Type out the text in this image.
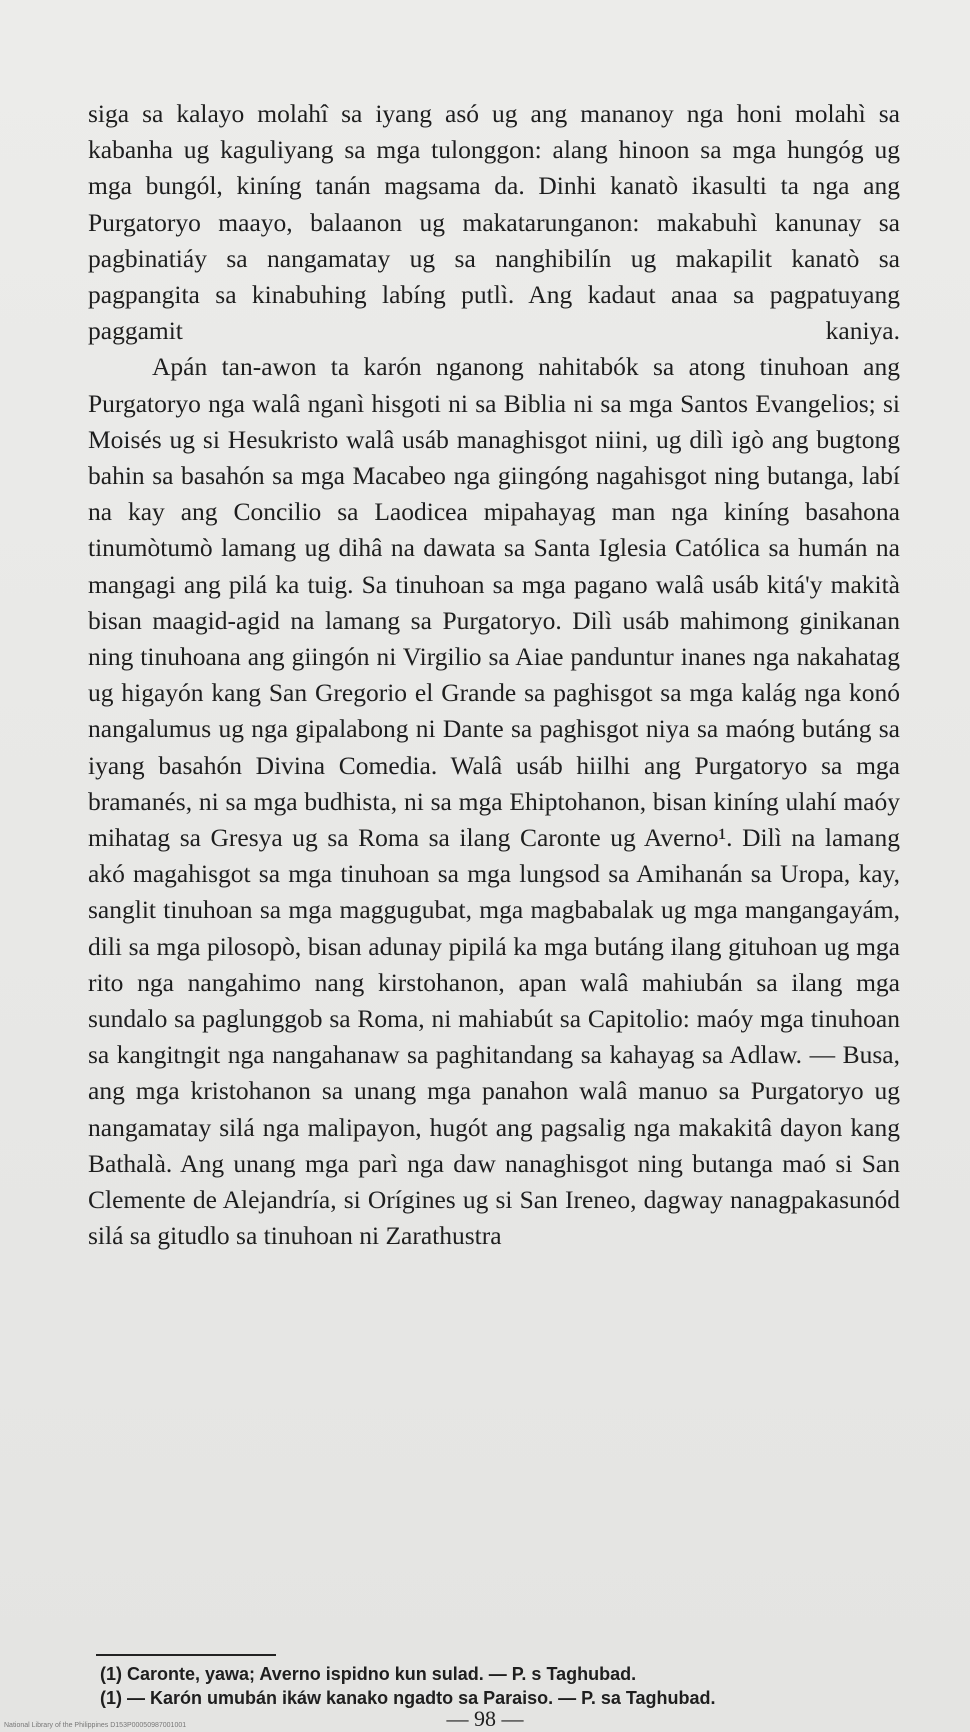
siga sa kalayo molahî sa iyang asó ug ang mananoy nga honi molahì sa kabanha ug kaguliyang sa mga tulonggon: alang hinoon sa mga hungóg ug mga bungól, kiníng tanán magsama da. Dinhi kanatò ikasulti ta nga ang Purgatoryo maayo, balaanon ug makatarunganon: makabuhì kanunay sa pagbinatiáy sa nangamatay ug sa nanghibilín ug makapilit kanatò sa pagpangita sa kinabuhing labíng putlì. Ang kadaut anaa sa pagpatuyang paggamit kaniya.

Apán tan-awon ta karón nganong nahitabók sa atong tinuhoan ang Purgatoryo nga walâ nganì hisgoti ni sa Biblia ni sa mga Santos Evangelios; si Moisés ug si Hesukristo walâ usáb managhisgot niini, ug dilì igò ang bugtong bahin sa basahón sa mga Macabeo nga giingóng nagahisgot ning butanga, labí na kay ang Concilio sa Laodicea mipahayag man nga kiníng basahona tinumòtumò lamang ug dihâ na dawata sa Santa Iglesia Católica sa humán na mangagi ang pilá ka tuig. Sa tinuhoan sa mga pagano walâ usáb kitá'y makità bisan maagid-agid na lamang sa Purgatoryo. Dilì usáb mahimong ginikanan ning tinuhoana ang giingón ni Virgilio sa Aiae panduntur inanes nga nakahatag ug higayón kang San Gregorio el Grande sa paghisgot sa mga kalág nga konó nangalumus ug nga gipalabong ni Dante sa paghisgot niya sa maóng butáng sa iyang basahón Divina Comedia. Walâ usáb hiilhi ang Purgatoryo sa mga bramanés, ni sa mga budhista, ni sa mga Ehiptohanon, bisan kiníng ulahí maóy mihatag sa Gresya ug sa Roma sa ilang Caronte ug Averno¹. Dilì na lamang akó magahisgot sa mga tinuhoan sa mga lungsod sa Amihanán sa Uropa, kay, sanglit tinuhoan sa mga maggugubat, mga magbabalak ug mga mangangayám, dili sa mga pilosopò, bisan adunay pipilá ka mga butáng ilang gituhoan ug mga rito nga nangahimo nang kirstohanon, apan walâ mahiubán sa ilang mga sundalo sa paglunggob sa Roma, ni mahiabút sa Capitolio: maóy mga tinuhoan sa kangitngit nga nangahanaw sa paghitandang sa kahayag sa Adlaw. — Busa, ang mga kristohanon sa unang mga panahon walâ manuo sa Purgatoryo ug nangamatay silá nga malipayon, hugót ang pagsalig nga makakitâ dayon kang Bathalà. Ang unang mga parì nga daw nanaghisgot ning butanga maó si San Clemente de Alejandría, si Orígines ug si San Ireneo, dagway nanagpakasunód silá sa gitudlo sa tinuhoan ni Zarathustra

(1) Caronte, yawa; Averno ispidno kun sulad. — P. s Taghubad.
(1) — Karón umubán ikáw kanako ngadto sa Paraiso. — P. sa Taghubad.
— 98 —
National Library of the Philippines D153P00050987001001
